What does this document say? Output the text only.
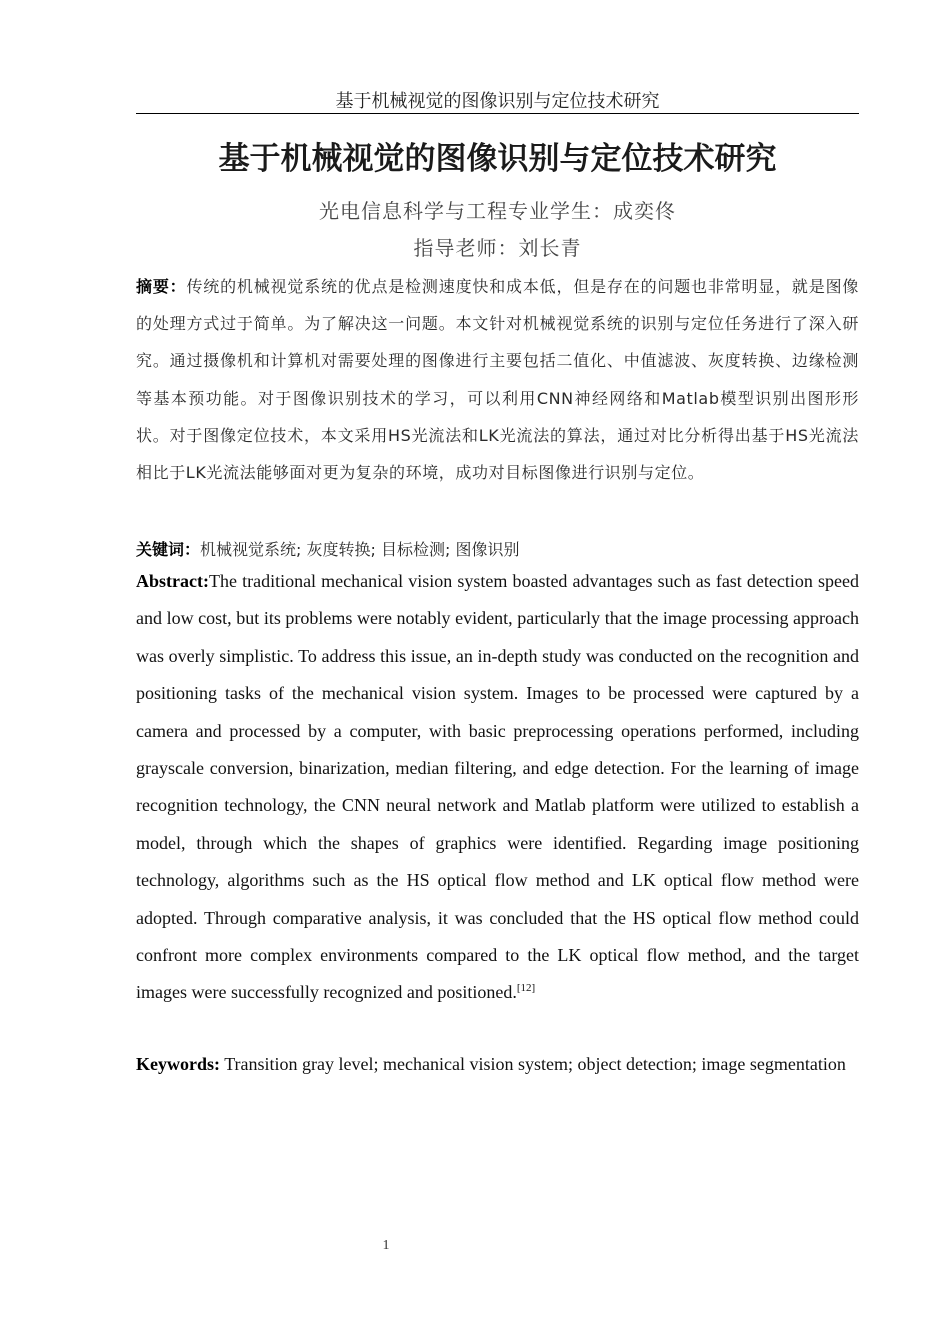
基于机械视觉的图像识别与定位技术研究
基于机械视觉的图像识别与定位技术研究
光电信息科学与工程专业学生：成奕佟
指导老师：刘长青
摘要：传统的机械视觉系统的优点是检测速度快和成本低，但是存在的问题也非常明显，就是图像的处理方式过于简单。为了解决这一问题。本文针对机械视觉系统的识别与定位任务进行了深入研究。通过摄像机和计算机对需要处理的图像进行主要包括二值化、中值滤波、灰度转换、边缘检测等基本预功能。对于图像识别技术的学习，可以利用CNN神经网络和Matlab模型识别出图形形状。对于图像定位技术，本文采用HS光流法和LK光流法的算法，通过对比分析得出基于HS光流法相比于LK光流法能够面对更为复杂的环境，成功对目标图像进行识别与定位。
关键词：机械视觉系统; 灰度转换; 目标检测; 图像识别
Abstract:The traditional mechanical vision system boasted advantages such as fast detection speed and low cost, but its problems were notably evident, particularly that the image processing approach was overly simplistic. To address this issue, an in-depth study was conducted on the recognition and positioning tasks of the mechanical vision system. Images to be processed were captured by a camera and processed by a computer, with basic preprocessing operations performed, including grayscale conversion, binarization, median filtering, and edge detection. For the learning of image recognition technology, the CNN neural network and Matlab platform were utilized to establish a model, through which the shapes of graphics were identified. Regarding image positioning technology, algorithms such as the HS optical flow method and LK optical flow method were adopted. Through comparative analysis, it was concluded that the HS optical flow method could confront more complex environments compared to the LK optical flow method, and the target images were successfully recognized and positioned.[12]
Keywords: Transition gray level; mechanical vision system; object detection; image segmentation
1
